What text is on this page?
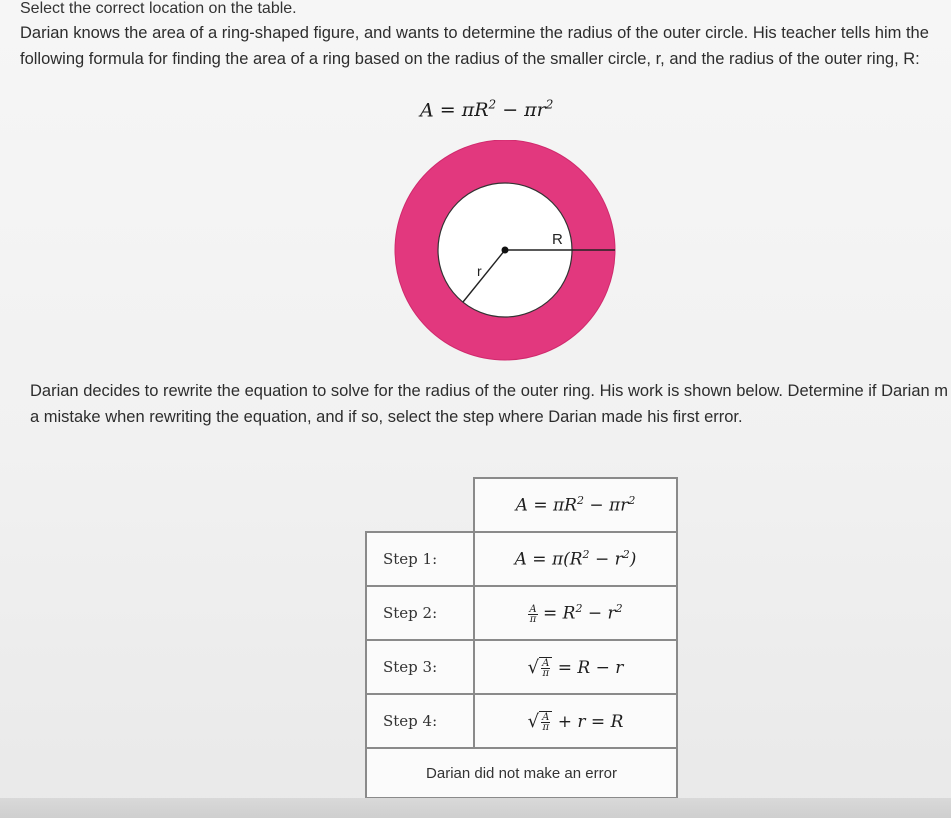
Select the correct location on the table.
Darian knows the area of a ring-shaped figure, and wants to determine the radius of the outer circle. His teacher tells him the
following formula for finding the area of a ring based on the radius of the smaller circle, r, and the radius of the outer ring, R:
$A = \pi R^2 - \pi r^2$
R
r
Darian decides to rewrite the equation to solve for the radius of the outer ring. His work is shown below. Determine if Darian m
a mistake when rewriting the equation, and if so, select the step where Darian made his first error.
	$A = \pi R^2 - \pi r^2$
Step 1:	$A = \pi(R^2 - r^2)$
Step 2:	$\frac{A}{\pi} = R^2 - r^2$
Step 3:	√ $\frac{A}{\pi} = R - r$
Step 4:	√ $\frac{A}{\pi} + r = R$
Darian did not make an error	
